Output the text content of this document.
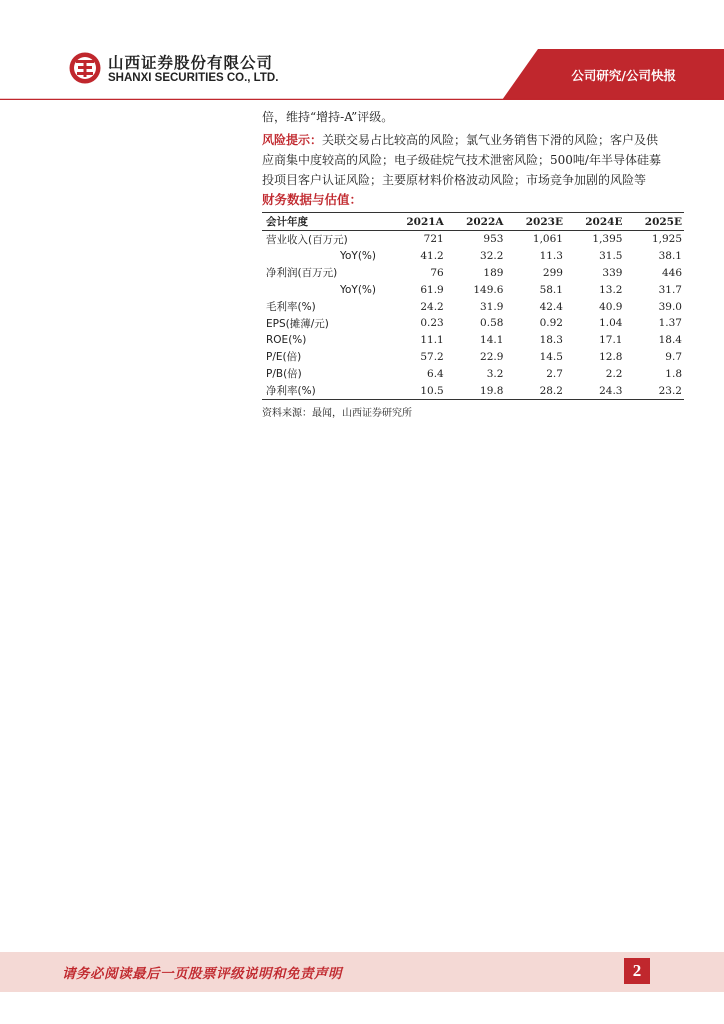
山西证券股份有限公司
SHANXI SECURITIES CO., LTD.	公司研究/公司快报
倍，维持“增持-A”评级。
风险提示：关联交易占比较高的风险；氯气业务销售下滑的风险；客户及供
应商集中度较高的风险；电子级硅烷气技术泄密风险；500吨/年半导体硅募
投项目客户认证风险；主要原材料价格波动风险；市场竞争加剧的风险等
财务数据与估值：
会计年度	2021A	2022A	2023E	2024E	2025E
营业收入(百万元)	721	953	1,061	1,395	1,925
YoY(%)	41.2	32.2	11.3	31.5	38.1
净利润(百万元)	76	189	299	339	446
YoY(%)	61.9	149.6	58.1	13.2	31.7
毛利率(%)	24.2	31.9	42.4	40.9	39.0
EPS(摊薄/元)	0.23	0.58	0.92	1.04	1.37
ROE(%)	11.1	14.1	18.3	17.1	18.4
P/E(倍)	57.2	22.9	14.5	12.8	9.7
P/B(倍)	6.4	3.2	2.7	2.2	1.8
净利率(%)	10.5	19.8	28.2	24.3	23.2
资料来源：最闻，山西证券研究所
请务必阅读最后一页股票评级说明和免责声明	2
